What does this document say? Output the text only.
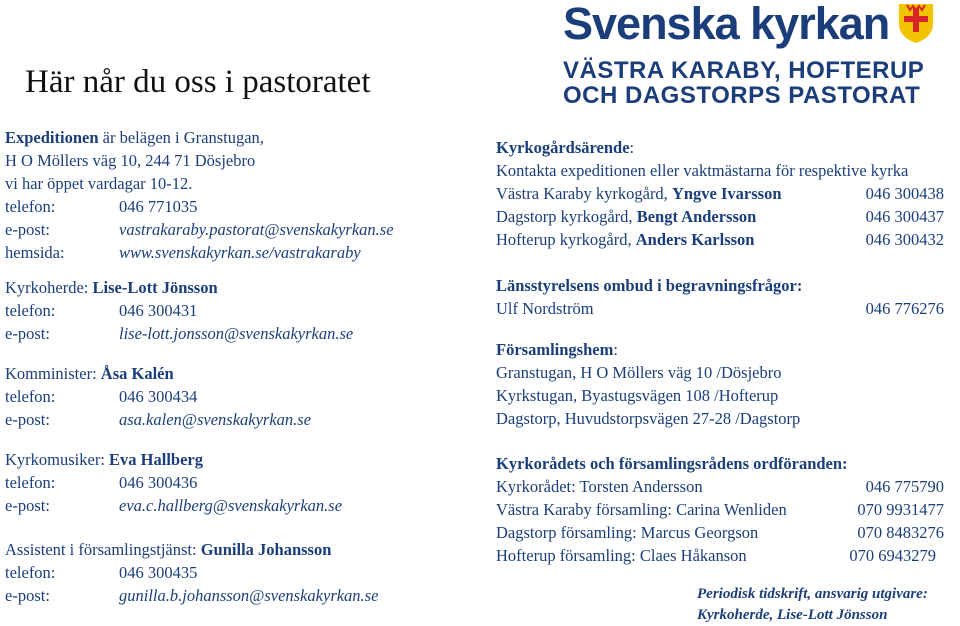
Svenska kyrkan
VÄSTRA KARABY, HOFTERUP
OCH DAGSTORPS PASTORAT
Här når du oss i pastoratet
Expeditionen är belägen i Granstugan,
H O Möllers väg 10, 244 71 Dösjebro
vi har öppet vardagar 10-12.
telefon:	046 771035
e-post:	vastrakaraby.pastorat@svenskakyrkan.se
hemsida:	www.svenskakyrkan.se/vastrakaraby
Kyrkoherde: Lise-Lott Jönsson
telefon:	046 300431
e-post:	lise-lott.jonsson@svenskakyrkan.se
Komminister: Åsa Kalén
telefon:	046 300434
e-post:	asa.kalen@svenskakyrkan.se
Kyrkomusiker: Eva Hallberg
telefon:	046 300436
e-post:	eva.c.hallberg@svenskakyrkan.se
Assistent i församlingstjänst: Gunilla Johansson
telefon:	046 300435
e-post:	gunilla.b.johansson@svenskakyrkan.se
Kyrkogårdsärende:
Kontakta expeditionen eller vaktmästarna för respektive kyrka
Västra Karaby kyrkogård, Yngve Ivarsson	046 300438
Dagstorp kyrkogård, Bengt Andersson	046 300437
Hofterup kyrkogård, Anders Karlsson	046 300432
Länsstyrelsens ombud i begravningsfrågor:
Ulf Nordström	046 776276
Församlingshem:
Granstugan, H O Möllers väg 10 /Dösjebro
Kyrkstugan, Byastugsvägen 108 /Hofterup
Dagstorp, Huvudstorpsvägen 27-28 /Dagstorp
Kyrkorådets och församlingsrådens ordföranden:
Kyrkorådet: Torsten Andersson	046 775790
Västra Karaby församling: Carina Wenliden	070 9931477
Dagstorp församling: Marcus Georgson	070 8483276
Hofterup församling: Claes Håkanson	070 6943279
Periodisk tidskrift, ansvarig utgivare:
Kyrkoherde, Lise-Lott Jönsson
